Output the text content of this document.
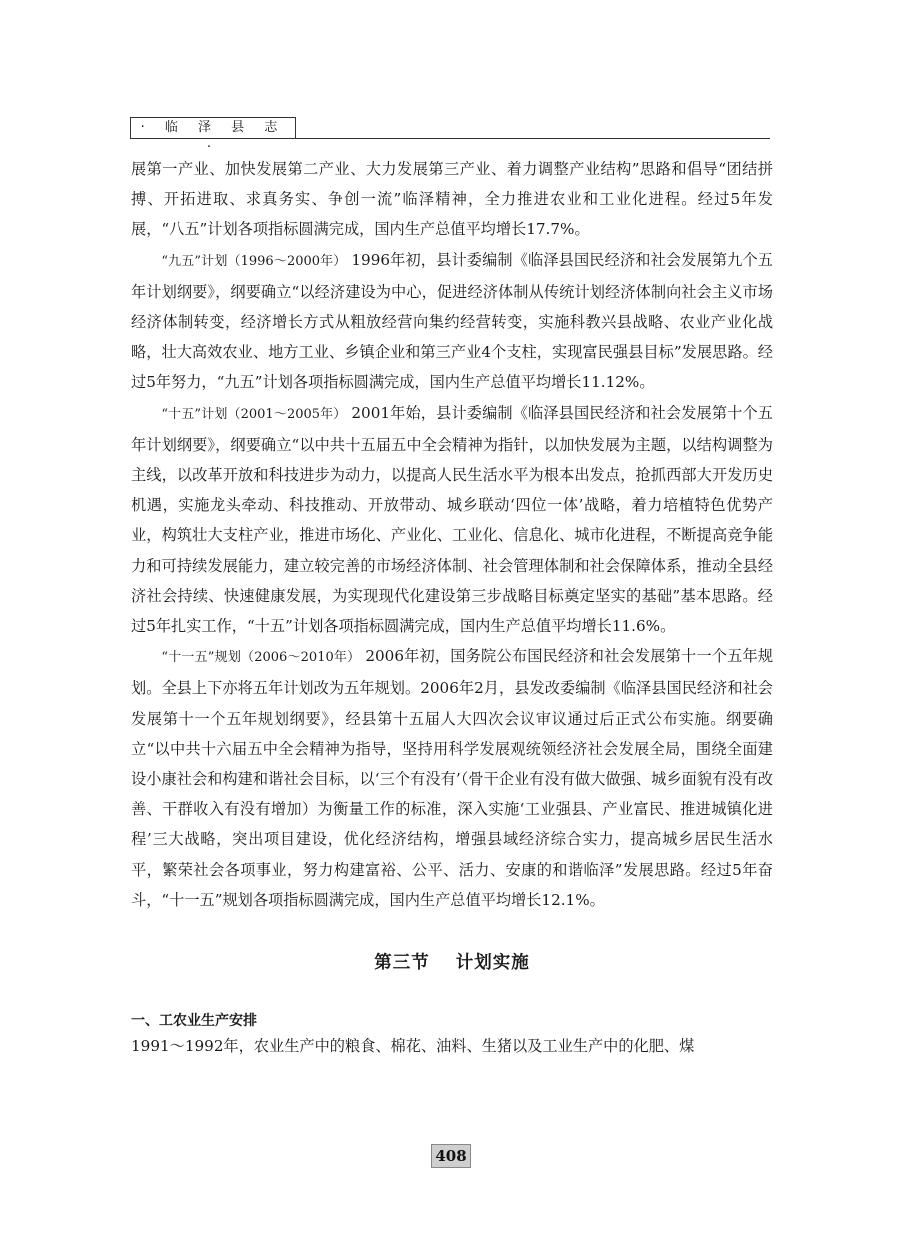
· 临 泽 县 志 ·

展第一产业、加快发展第二产业、大力发展第三产业、着力调整产业结构”思路和倡导“团结拼搏、开拓进取、求真务实、争创一流”临泽精神，全力推进农业和工业化进程。经过5年发展，“八五”计划各项指标圆满完成，国内生产总值平均增长17.7%。

“九五”计划（1996～2000年） 1996年初，县计委编制《临泽县国民经济和社会发展第九个五年计划纲要》，纲要确立“以经济建设为中心，促进经济体制从传统计划经济体制向社会主义市场经济体制转变，经济增长方式从粗放经营向集约经营转变，实施科教兴县战略、农业产业化战略，壮大高效农业、地方工业、乡镇企业和第三产业4个支柱，实现富民强县目标”发展思路。经过5年努力，“九五”计划各项指标圆满完成，国内生产总值平均增长11.12%。

“十五”计划（2001～2005年） 2001年始，县计委编制《临泽县国民经济和社会发展第十个五年计划纲要》，纲要确立“以中共十五届五中全会精神为指针，以加快发展为主题，以结构调整为主线，以改革开放和科技进步为动力，以提高人民生活水平为根本出发点，抢抓西部大开发历史机遇，实施龙头牵动、科技推动、开放带动、城乡联动‘四位一体’战略，着力培植特色优势产业，构筑壮大支柱产业，推进市场化、产业化、工业化、信息化、城市化进程，不断提高竞争能力和可持续发展能力，建立较完善的市场经济体制、社会管理体制和社会保障体系，推动全县经济社会持续、快速健康发展，为实现现代化建设第三步战略目标奠定坚实的基础”基本思路。经过5年扎实工作，“十五”计划各项指标圆满完成，国内生产总值平均增长11.6%。

“十一五”规划（2006～2010年） 2006年初，国务院公布国民经济和社会发展第十一个五年规划。全县上下亦将五年计划改为五年规划。2006年2月，县发改委编制《临泽县国民经济和社会发展第十一个五年规划纲要》，经县第十五届人大四次会议审议通过后正式公布实施。纲要确立“以中共十六届五中全会精神为指导，坚持用科学发展观统领经济社会发展全局，围绕全面建设小康社会和构建和谐社会目标，以‘三个有没有’（骨干企业有没有做大做强、城乡面貌有没有改善、干群收入有没有增加）为衡量工作的标准，深入实施‘工业强县、产业富民、推进城镇化进程’三大战略，突出项目建设，优化经济结构，增强县域经济综合实力，提高城乡居民生活水平，繁荣社会各项事业，努力构建富裕、公平、活力、安康的和谐临泽”发展思路。经过5年奋斗，“十一五”规划各项指标圆满完成，国内生产总值平均增长12.1%。

第三节 计划实施
一、工农业生产安排

1991～1992年，农业生产中的粮食、棉花、油料、生猪以及工业生产中的化肥、煤

408
